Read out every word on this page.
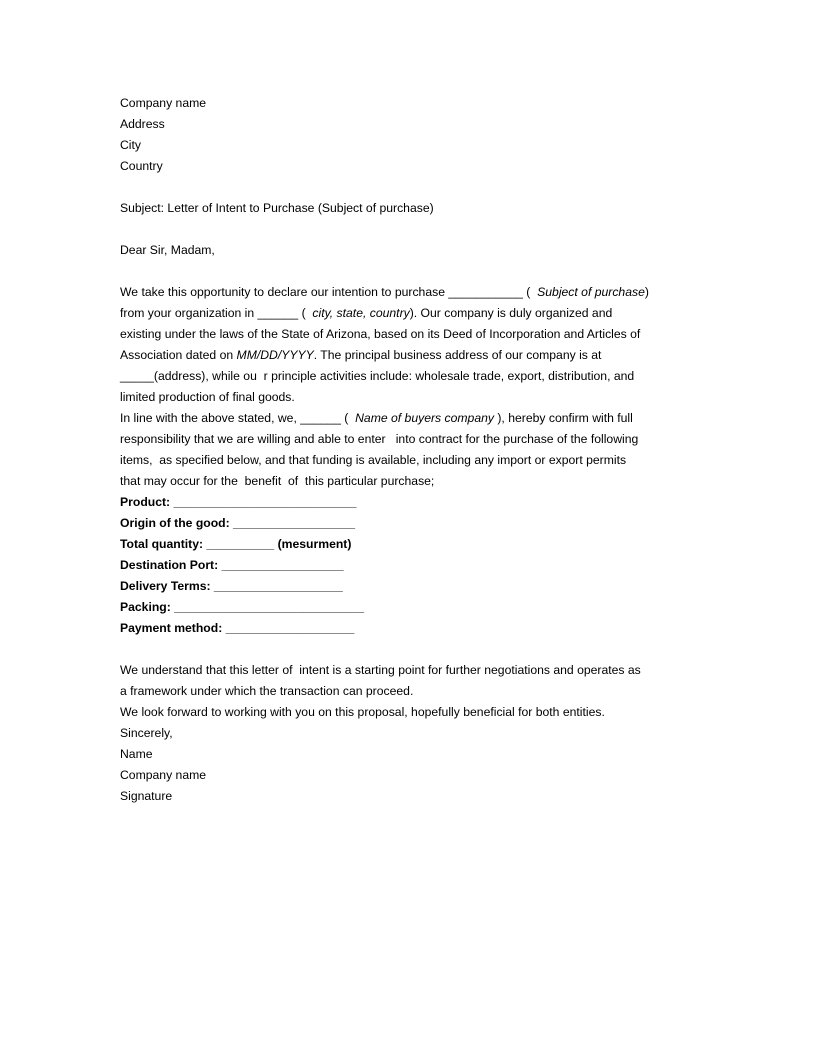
Company name
Address
City
Country
Subject: Letter of Intent to Purchase (Subject of purchase)
Dear Sir, Madam,
We take this opportunity to declare our intention to purchase ___________ (  Subject of purchase)
from your organization in ______ (  city, state, country). Our company is duly organized and
existing under the laws of the State of Arizona, based on its Deed of Incorporation and Articles of
Association dated on MM/DD/YYYY. The principal business address of our company is at
_____(address), while ou  r principle activities include: wholesale trade, export, distribution, and
limited production of final goods.
In line with the above stated, we, ______ (  Name of buyers company ), hereby confirm with full
responsibility that we are willing and able to enter   into contract for the purchase of the following
items,  as specified below, and that funding is available, including any import or export permits
that may occur for the  benefit  of  this particular purchase;
Product: ___________________________
Origin of the good: __________________
Total quantity: __________ (mesurment)
Destination Port: __________________
Delivery Terms: ___________________
Packing: ____________________________
Payment method: ___________________
We understand that this letter of  intent is a starting point for further negotiations and operates as
a framework under which the transaction can proceed.
We look forward to working with you on this proposal, hopefully beneficial for both entities.
Sincerely,
Name
Company name
Signature
